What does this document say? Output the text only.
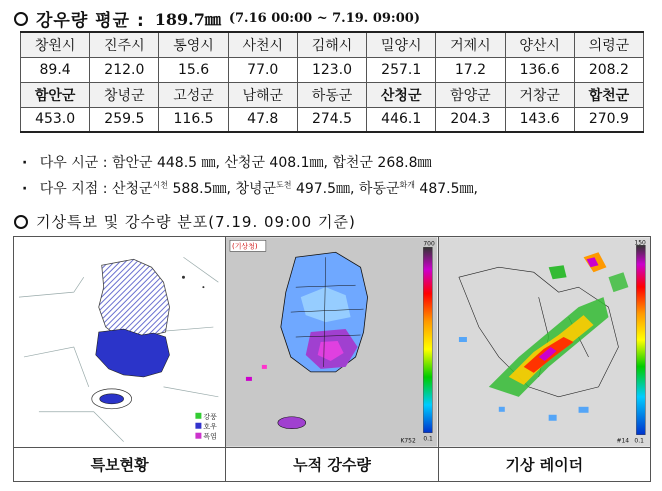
강우량 평균 : 189.7㎜ (7.16 00:00 ~ 7.19. 09:00)
창원시	진주시	통영시	사천시	김해시	밀양시	거제시	양산시	의령군
89.4	212.0	15.6	77.0	123.0	257.1	17.2	136.6	208.2
함안군	창녕군	고성군	남해군	하동군	산청군	함양군	거창군	합천군
453.0	259.5	116.5	47.8	274.5	446.1	204.3	143.6	270.9
· 다우 시군 : 함안군 448.5 ㎜, 산청군 408.1㎜, 합천군 268.8㎜
· 다우 지점 : 산청군$^{시천}$ 588.5㎜, 창녕군$^{도천}$ 497.5㎜, 하동군$^{화개}$ 487.5㎜,
기상특보 및 강수량 분포(7.19. 09:00 기준)
강풍
호우
폭염	(기상청) 700
0.1
K752	150
0.1
#14

특보현황	누적 강수량	기상 레이더
